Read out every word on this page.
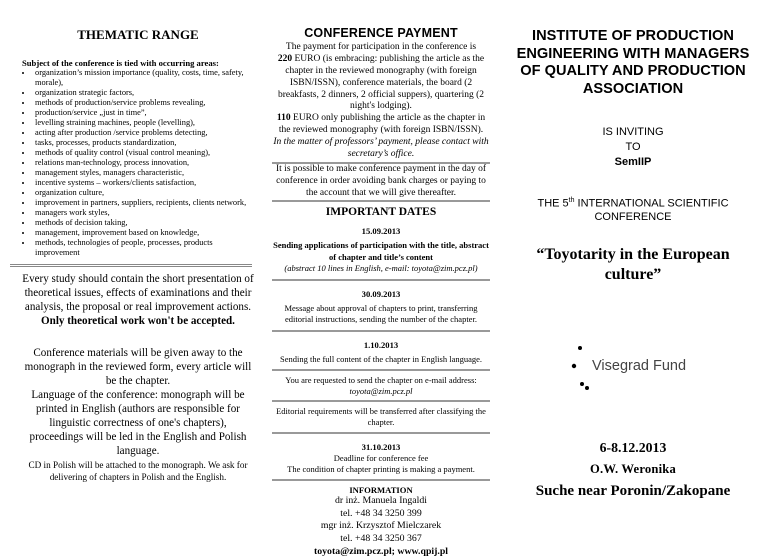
THEMATIC RANGE
Subject of the conference is tied with occurring areas:
• organization’s mission importance (quality, costs, time, safety, morale),
• organization strategic factors,
• methods of production/service problems revealing,
• production/service „just in time”,
• levelling straining machines, people (levelling),
• acting after production /service problems detecting,
• tasks, processes, products standardization,
• methods of quality control (visual control meaning),
• relations man-technology, process innovation,
• management styles, managers characteristic,
• incentive systems – workers/clients satisfaction,
• organization culture,
• improvement in partners, suppliers, recipients, clients network,
• managers work styles,
• methods of decision taking,
• management, improvement based on knowledge,
• methods, technologies of people, processes, products improvement
Every study should contain the short presentation of theoretical issues, effects of examinations and their analysis, the proposal or real improvement actions.
Only theoretical work won't be accepted.
Conference materials will be given away to the monograph in the reviewed form, every article will be the chapter.
Language of the conference: monograph will be printed in English (authors are responsible for linguistic correctness of one's chapters), proceedings will be led in the English and Polish language.
CD in Polish will be attached to the monograph. We ask for delivering of chapters in Polish and the English.
CONFERENCE PAYMENT
The payment for participation in the conference is
220 EURO (is embracing: publishing the article as the chapter in the reviewed monography (with foreign ISBN/ISSN), conference materials, the board (2 breakfasts, 2 dinners, 2 official suppers), quartering (2 night's lodging).
110 EURO only publishing the article as the chapter in the reviewed monography (with foreign ISBN/ISSN).
In the matter of professors’ payment, please contact with secretary’s office.
It is possible to make conference payment in the day of conference in order avoiding bank charges or paying to the account that we will give thereafter.
IMPORTANT DATES
15.09.2013
Sending applications of participation with the title, abstract of chapter and title’s content
(abstract 10 lines in English, e-mail: toyota@zim.pcz.pl)
30.09.2013
Message about approval of chapters to print, transferring editorial instructions, sending the number of the chapter.
1.10.2013
Sending the full content of the chapter in English language.
You are requested to send the chapter on e-mail address:
toyota@zim.pcz.pl
Editorial requirements will be transferred after classifying the chapter.
31.10.2013
Deadline for conference fee
The condition of chapter printing is making a payment.
INFORMATION
dr inż. Manuela Ingaldi
tel. +48 34 3250 399
mgr inż. Krzysztof Mielczarek
tel. +48 34 3250 367
toyota@zim.pcz.pl; www.qpij.pl
INSTITUTE OF PRODUCTION ENGINEERING WITH MANAGERS OF QUALITY AND PRODUCTION ASSOCIATION
IS INVITING
TO
SemIIP
THE 5th INTERNATIONAL SCIENTIFIC CONFERENCE
“Toyotarity in the European culture”
Visegrad Fund
6-8.12.2013
O.W. Weronika
Suche near Poronin/Zakopane
